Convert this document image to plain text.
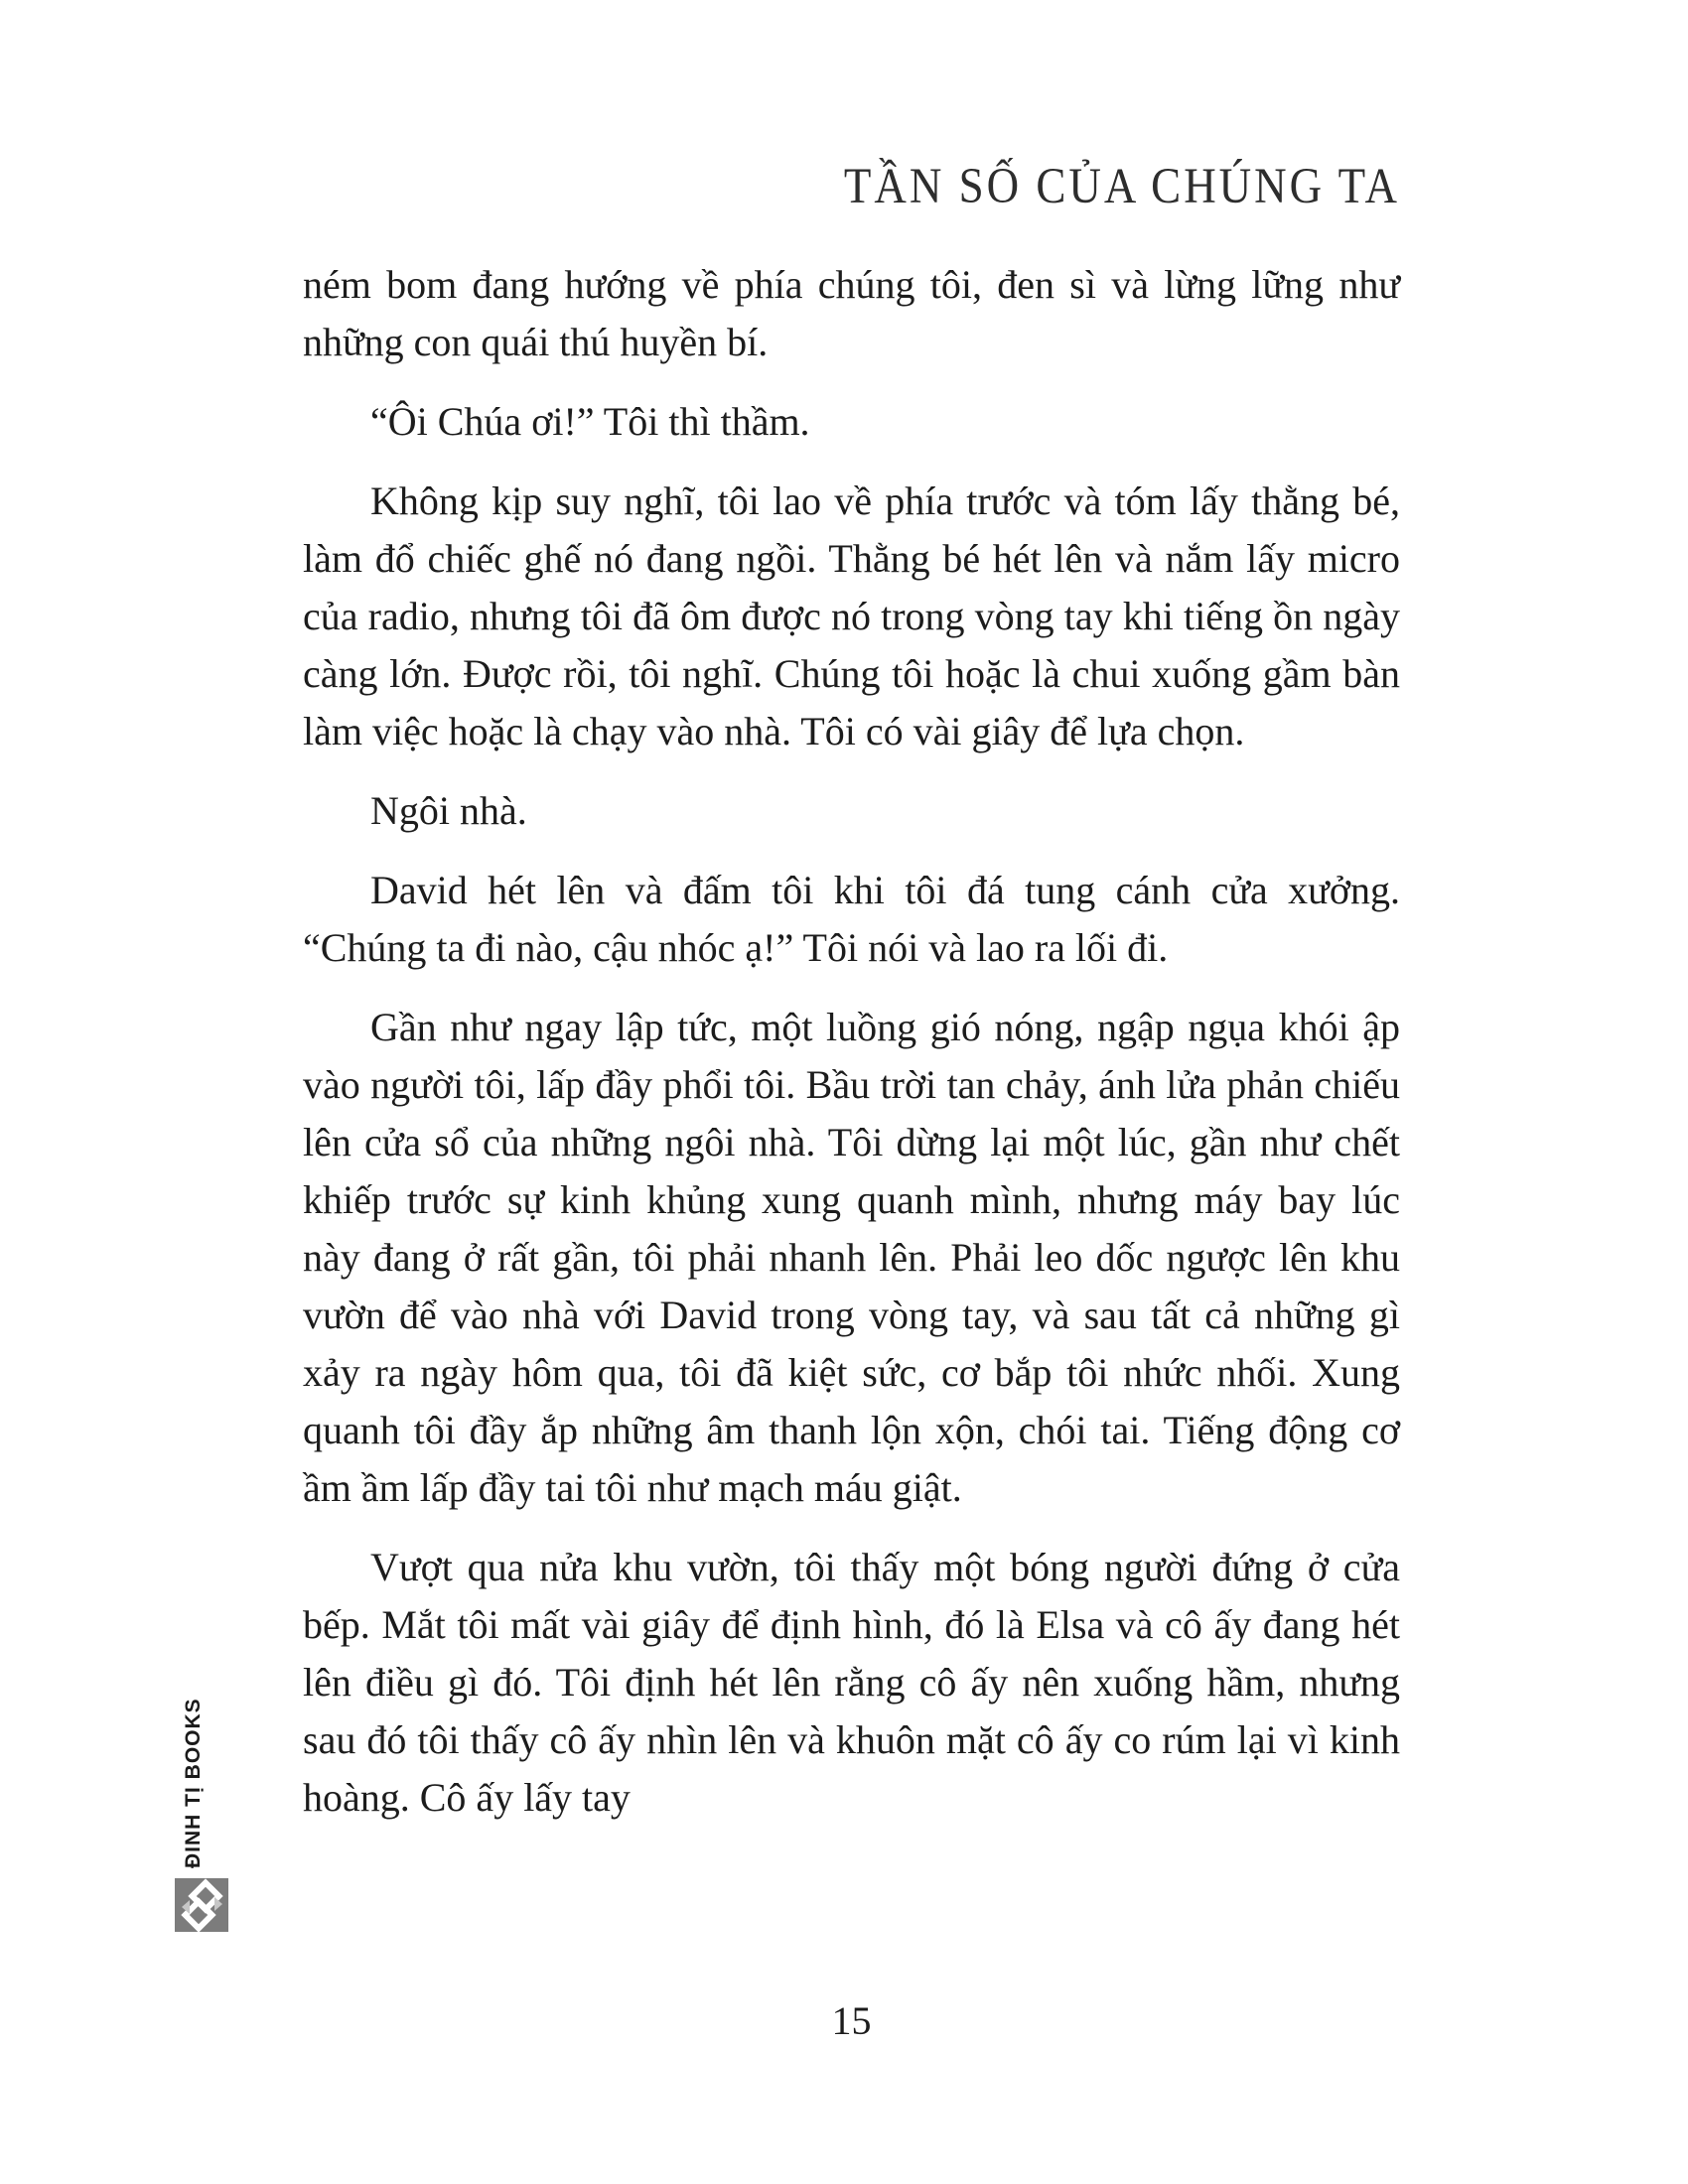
TẦN SỐ CỦA CHÚNG TA

ném bom đang hướng về phía chúng tôi, đen sì và lừng lững như những con quái thú huyền bí.

“Ôi Chúa ơi!” Tôi thì thầm.

Không kịp suy nghĩ, tôi lao về phía trước và tóm lấy thằng bé, làm đổ chiếc ghế nó đang ngồi. Thằng bé hét lên và nắm lấy micro của radio, nhưng tôi đã ôm được nó trong vòng tay khi tiếng ồn ngày càng lớn. Được rồi, tôi nghĩ. Chúng tôi hoặc là chui xuống gầm bàn làm việc hoặc là chạy vào nhà. Tôi có vài giây để lựa chọn.

Ngôi nhà.

David hét lên và đấm tôi khi tôi đá tung cánh cửa xưởng. “Chúng ta đi nào, cậu nhóc ạ!” Tôi nói và lao ra lối đi.

Gần như ngay lập tức, một luồng gió nóng, ngập ngụa khói ập vào người tôi, lấp đầy phổi tôi. Bầu trời tan chảy, ánh lửa phản chiếu lên cửa sổ của những ngôi nhà. Tôi dừng lại một lúc, gần như chết khiếp trước sự kinh khủng xung quanh mình, nhưng máy bay lúc này đang ở rất gần, tôi phải nhanh lên. Phải leo dốc ngược lên khu vườn để vào nhà với David trong vòng tay, và sau tất cả những gì xảy ra ngày hôm qua, tôi đã kiệt sức, cơ bắp tôi nhức nhối. Xung quanh tôi đầy ắp những âm thanh lộn xộn, chói tai. Tiếng động cơ ầm ầm lấp đầy tai tôi như mạch máu giật.

Vượt qua nửa khu vườn, tôi thấy một bóng người đứng ở cửa bếp. Mắt tôi mất vài giây để định hình, đó là Elsa và cô ấy đang hét lên điều gì đó. Tôi định hét lên rằng cô ấy nên xuống hầm, nhưng sau đó tôi thấy cô ấy nhìn lên và khuôn mặt cô ấy co rúm lại vì kinh hoàng. Cô ấy lấy tay

ĐINH TỊ BOOKS
15
